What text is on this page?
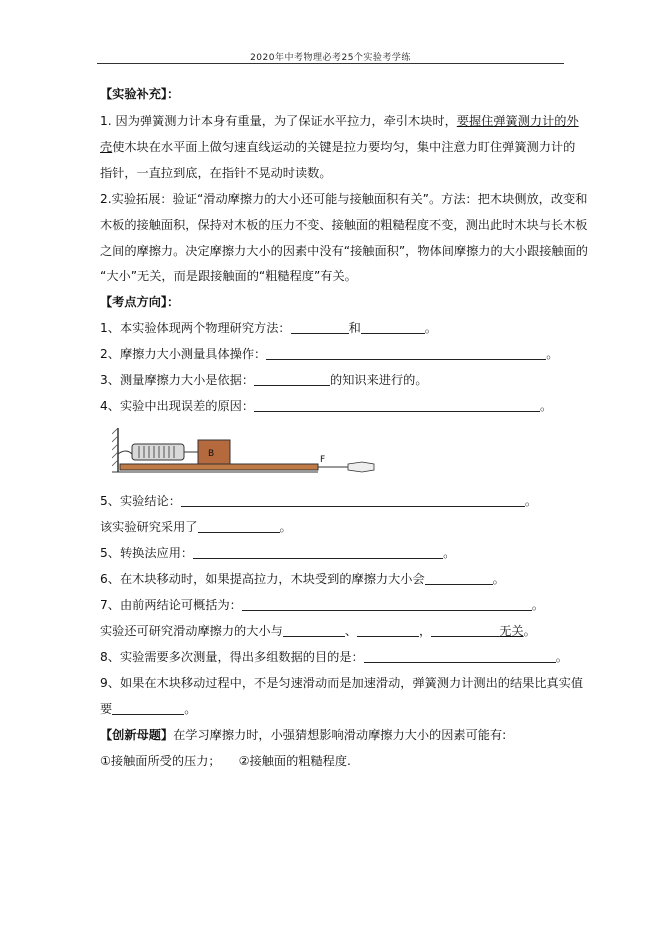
2020年中考物理必考25个实验考学练
【实验补充】：
1. 因为弹簧测力计本身有重量，为了保证水平拉力，牵引木块时，要握住弹簧测力计的外
壳使木块在水平面上做匀速直线运动的关键是拉力要均匀，集中注意力盯住弹簧测力计的
指针，一直拉到底，在指针不晃动时读数。
2.实验拓展：验证“滑动摩擦力的大小还可能与接触面积有关”。方法：把木块侧放，改变和
木板的接触面积，保持对木板的压力不变、接触面的粗糙程度不变，测出此时木块与长木板
之间的摩擦力。决定摩擦力大小的因素中没有“接触面积”，物体间摩擦力的大小跟接触面的
“大小”无关，而是跟接触面的“粗糙程度”有关。
【考点方向】：
1、本实验体现两个物理研究方法：	和	。
2、摩擦力大小测量具体操作：	。
3、测量摩擦力大小是依据：	的知识来进行的。
4、实验中出现误差的原因：	。
B
F
5、实验结论：	。
该实验研究采用了	。
5、转换法应用：	。
6、在木块移动时，如果提高拉力，木块受到的摩擦力大小会	。
7、由前两结论可概括为：	。
实验还可研究滑动摩擦力的大小与	、	，	无关。
8、实验需要多次测量，得出多组数据的目的是：	。
9、如果在木块移动过程中，不是匀速滑动而是加速滑动，弹簧测力计测出的结果比真实值
要	。
【创新母题】在学习摩擦力时，小强猜想影响滑动摩擦力大小的因素可能有:
①接触面所受的压力； ②接触面的粗糙程度.
